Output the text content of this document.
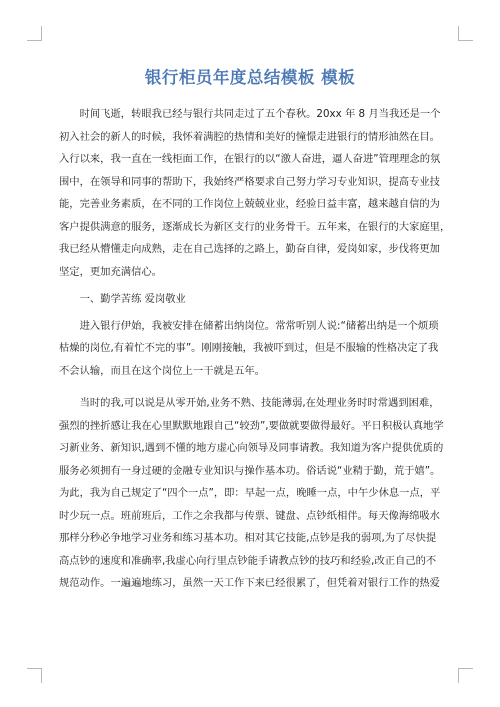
银行柜员年度总结模板 模板

时间飞逝，转眼我已经与银行共同走过了五个春秋。20xx 年 8 月当我还是一个
初入社会的新人的时候，我怀着满腔的热情和美好的憧憬走进银行的情形油然在目。
入行以来，我一直在一线柜面工作，在银行的以“激人奋进，逼人奋进”管理理念的氛
围中，在领导和同事的帮助下，我始终严格要求自己努力学习专业知识，提高专业技
能，完善业务素质，在不同的工作岗位上兢兢业业，经验日益丰富，越来越自信的为
客户提供满意的服务，逐渐成长为新区支行的业务骨干。五年来，在银行的大家庭里，
我已经从懵懂走向成熟，走在自己选择的之路上，勤奋自律，爱岗如家，步伐将更加
坚定，更加充满信心。

一、勤学苦练 爱岗敬业

进入银行伊始，我被安排在储蓄出纳岗位。常常听别人说:“储蓄出纳是一个烦琐
枯燥的岗位,有着忙不完的事”。刚刚接触，我被吓到过，但是不服输的性格决定了我
不会认输，而且在这个岗位上一干就是五年。

当时的我,可以说是从零开始,业务不熟、技能薄弱,在处理业务时时常遇到困难，
强烈的挫折感让我在心里默默地跟自己“较劲”,要做就要做得最好。平日积极认真地学
习新业务、新知识,遇到不懂的地方虚心向领导及同事请教。我知道为客户提供优质的
服务必须拥有一身过硬的金融专业知识与操作基本功。俗话说“业精于勤，荒于嬉”。
为此，我为自己规定了“四个一点”，即：早起一点，晚睡一点，中午少休息一点，平
时少玩一点。班前班后，工作之余我都与传票、键盘、点钞纸相伴。每天像海绵吸水
那样分秒必争地学习业务和练习基本功。相对其它技能,点钞是我的弱项,为了尽快提
高点钞的速度和准确率,我虚心向行里点钞能手请教点钞的技巧和经验,改正自己的不
规范动作。一遍遍地练习，虽然一天工作下来已经很累了，但凭着对银行工作的热爱
